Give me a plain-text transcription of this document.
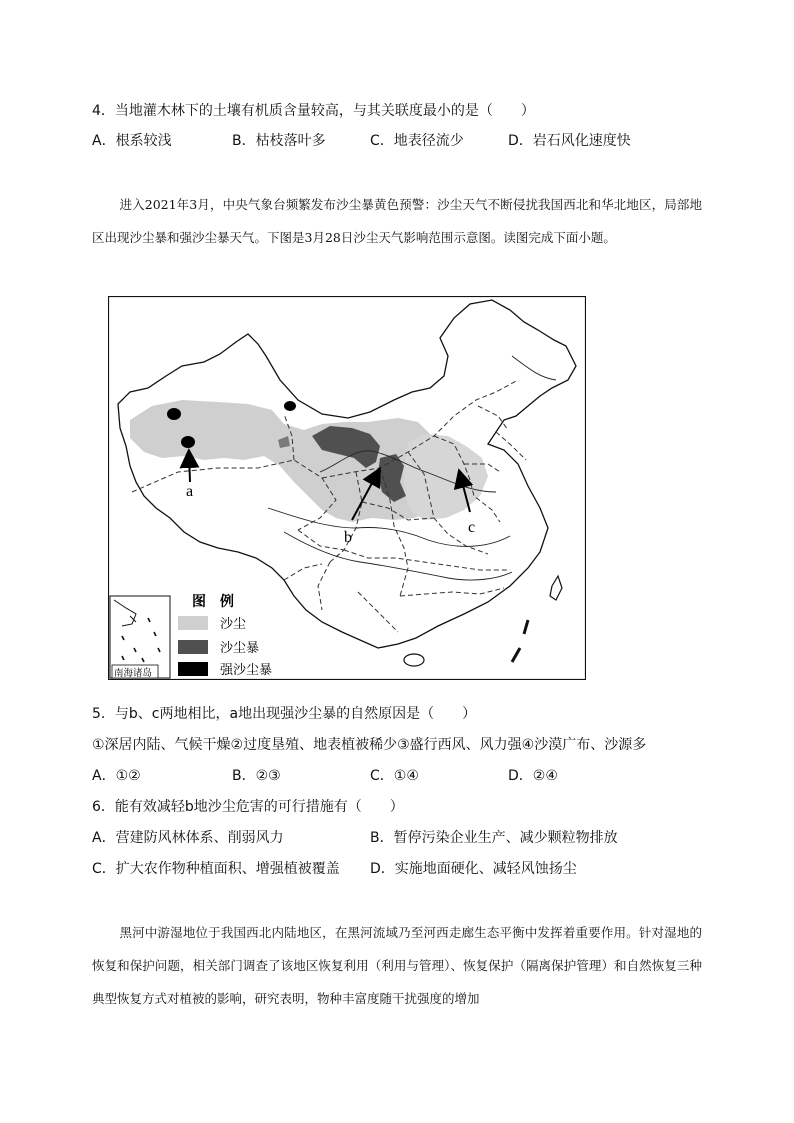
4．当地灌木林下的土壤有机质含量较高，与其关联度最小的是（　　）
A．根系较浅	B．枯枝落叶多	C．地表径流少	D．岩石风化速度快
进入2021年3月，中央气象台频繁发布沙尘暴黄色预警：沙尘天气不断侵扰我国西北和华北地区，局部地区出现沙尘暴和强沙尘暴天气。下图是3月28日沙尘天气影响范围示意图。读图完成下面小题。
a
b
c
南海诸岛
图　例
沙尘
沙尘暴
强沙尘暴
5．与b、c两地相比，a地出现强沙尘暴的自然原因是（　　）
①深居内陆、气候干燥②过度垦殖、地表植被稀少③盛行西风、风力强④沙漠广布、沙源多
A．①②	B．②③	C．①④	D．②④
6．能有效减轻b地沙尘危害的可行措施有（　　）
A．营建防风林体系、削弱风力	B．暂停污染企业生产、减少颗粒物排放
C．扩大农作物种植面积、增强植被覆盖 D．实施地面硬化、减轻风蚀扬尘
黑河中游湿地位于我国西北内陆地区，在黑河流域乃至河西走廊生态平衡中发挥着重要作用。针对湿地的恢复和保护问题，相关部门调查了该地区恢复利用（利用与管理）、恢复保护（隔离保护管理）和自然恢复三种典型恢复方式对植被的影响，研究表明，物种丰富度随干扰强度的增加
